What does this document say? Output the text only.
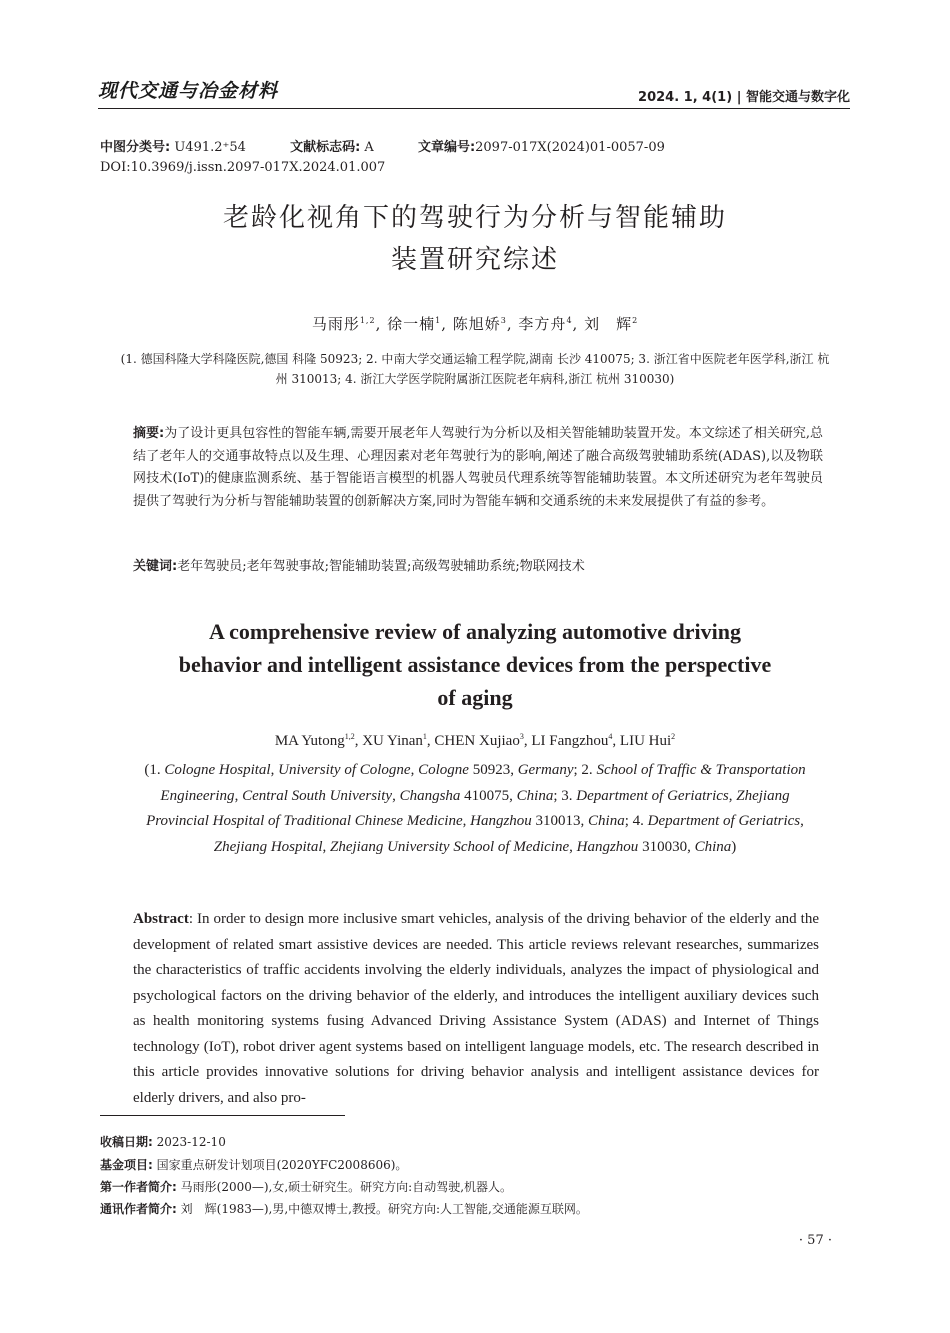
现代交通与冶金材料	2024. 1, 4(1) | 智能交通与数字化
中图分类号: U491.2⁺54	文献标志码: A	文章编号:2097-017X(2024)01-0057-09
DOI:10.3969/j.issn.2097-017X.2024.01.007
老龄化视角下的驾驶行为分析与智能辅助
装置研究综述
马雨彤$^{1,2}$, 徐一楠$^1$, 陈旭娇$^3$, 李方舟$^4$, 刘　辉$^2$
(1. 德国科隆大学科隆医院,德国 科隆 50923; 2. 中南大学交通运输工程学院,湖南 长沙 410075; 3. 浙江省中医院老年医学科,浙江 杭州 310013; 4. 浙江大学医学院附属浙江医院老年病科,浙江 杭州 310030)
摘要:为了设计更具包容性的智能车辆,需要开展老年人驾驶行为分析以及相关智能辅助装置开发。本文综述了相关研究,总结了老年人的交通事故特点以及生理、心理因素对老年驾驶行为的影响,阐述了融合高级驾驶辅助系统(ADAS),以及物联网技术(IoT)的健康监测系统、基于智能语言模型的机器人驾驶员代理系统等智能辅助装置。本文所述研究为老年驾驶员提供了驾驶行为分析与智能辅助装置的创新解决方案,同时为智能车辆和交通系统的未来发展提供了有益的参考。
关键词:老年驾驶员;老年驾驶事故;智能辅助装置;高级驾驶辅助系统;物联网技术
A comprehensive review of analyzing automotive driving
behavior and intelligent assistance devices from the perspective
of aging
MA Yutong$^{1,2}$, XU Yinan$^1$, CHEN Xujiao$^3$, LI Fangzhou$^4$, LIU Hui$^2$
(1. Cologne Hospital, University of Cologne, Cologne 50923, Germany; 2. School of Traffic & Transportation Engineering, Central South University, Changsha 410075, China; 3. Department of Geriatrics, Zhejiang Provincial Hospital of Traditional Chinese Medicine, Hangzhou 310013, China; 4. Department of Geriatrics, Zhejiang Hospital, Zhejiang University School of Medicine, Hangzhou 310030, China)
Abstract: In order to design more inclusive smart vehicles, analysis of the driving behavior of the elderly and the development of related smart assistive devices are needed. This article reviews relevant researches, summarizes the characteristics of traffic accidents involving the elderly individuals, analyzes the impact of physiological and psychological factors on the driving behavior of the elderly, and introduces the intelligent auxiliary devices such as health monitoring systems fusing Advanced Driving Assistance System (ADAS) and Internet of Things technology (IoT), robot driver agent systems based on intelligent language models, etc. The research described in this article provides innovative solutions for driving behavior analysis and intelligent assistance devices for elderly drivers, and also pro-
收稿日期: 2023-12-10
基金项目: 国家重点研发计划项目(2020YFC2008606)。
第一作者简介: 马雨彤(2000—),女,硕士研究生。研究方向:自动驾驶,机器人。
通讯作者简介: 刘　辉(1983—),男,中德双博士,教授。研究方向:人工智能,交通能源互联网。
· 57 ·
